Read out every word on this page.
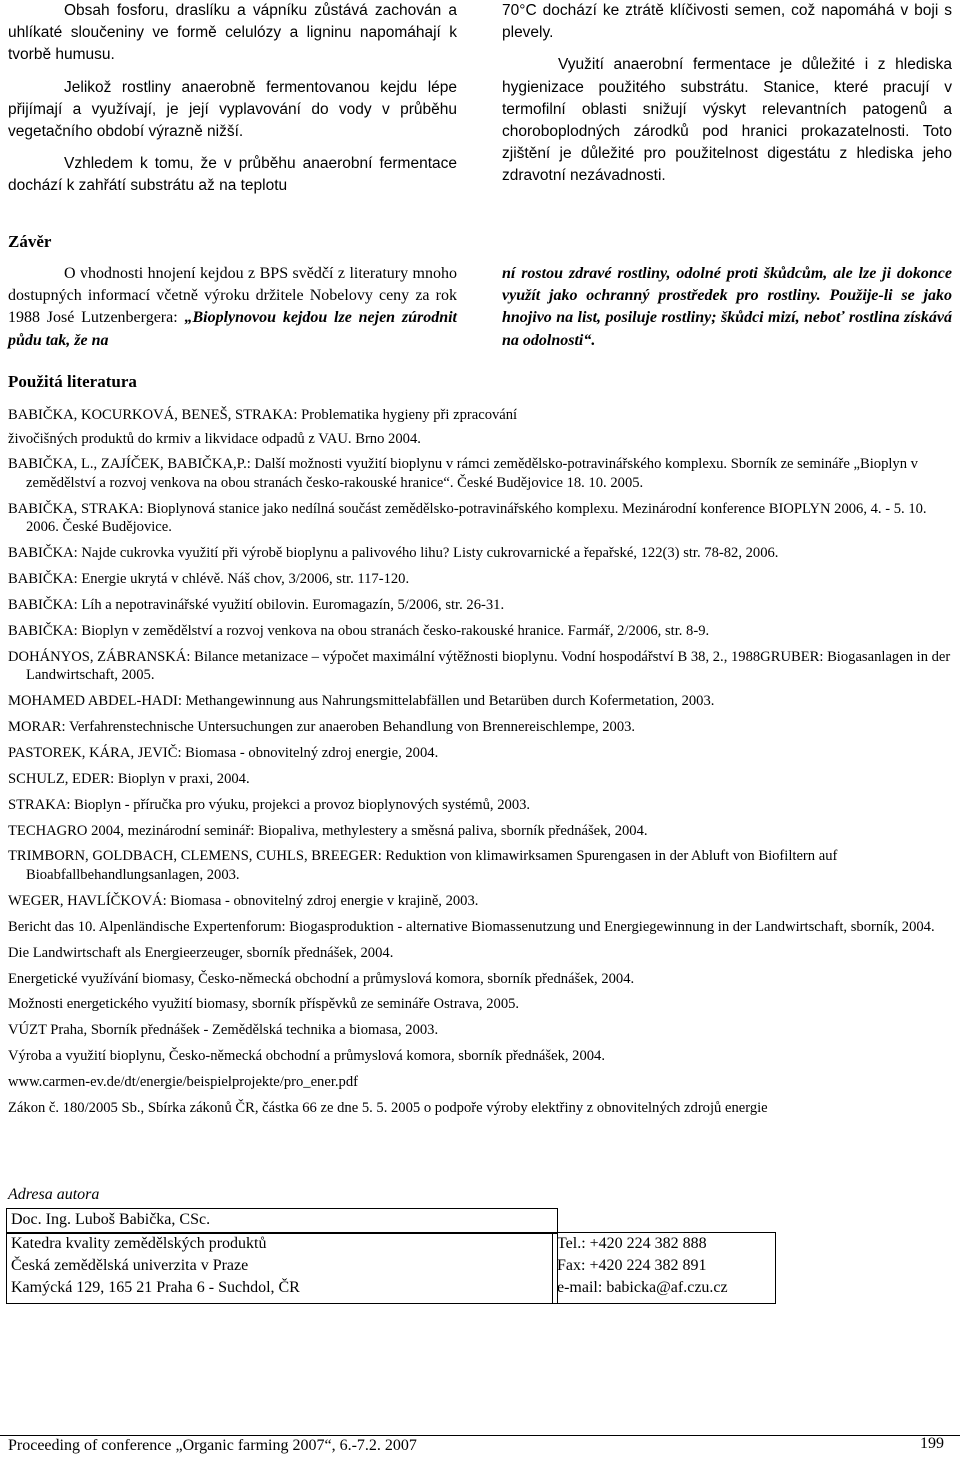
Obsah fosforu, draslíku a vápníku zůstává zachován a uhlíkaté sloučeniny ve formě celulózy a ligninu napomáhají k tvorbě humusu.

Jelikož rostliny anaerobně fermentovanou kejdu lépe přijímají a využívají, je její vyplavování do vody v průběhu vegetačního období výrazně nižší.

Vzhledem k tomu, že v průběhu anaerobní fermentace dochází k zahřátí substrátu až na teplotu

70°C dochází ke ztrátě klíčivosti semen, což napomáhá v boji s plevely.

Využití anaerobní fermentace je důležité i z hlediska hygienizace použitého substrátu. Stanice, které pracují v termofilní oblasti snižují výskyt relevantních patogenů a choroboplodných zárodků pod hranici prokazatelnosti. Toto zjištění je důležité pro použitelnost digestátu z hlediska jeho zdravotní nezávadnosti.

Závěr

O vhodnosti hnojení kejdou z BPS svědčí z literatury mnoho dostupných informací včetně výroku držitele Nobelovy ceny za rok 1988 José Lutzenbergera: „Bioplynovou kejdou lze nejen zúrodnit půdu tak, že na

ní rostou zdravé rostliny, odolné proti škůdcům, ale lze ji dokonce využít jako ochranný prostředek pro rostliny. Použije-li se jako hnojivo na list, posiluje rostliny; škůdci mizí, neboť rostlina získává na odolnosti“.

Použitá literatura

BABIČKA, KOCURKOVÁ, BENEŠ, STRAKA: Problematika hygieny při zpracování

živočišných produktů do krmiv a likvidace odpadů z VAU. Brno 2004.

BABIČKA, L., ZAJÍČEK, BABIČKA,P.: Další možnosti využití bioplynu v rámci zemědělsko-potravinářského komplexu. Sborník ze semináře „Bioplyn v zemědělství a rozvoj venkova na obou stranách česko-rakouské hranice“. České Budějovice 18. 10. 2005.

BABIČKA, STRAKA: Bioplynová stanice jako nedílná součást zemědělsko-potravinářského komplexu. Mezinárodní konference BIOPLYN 2006, 4. - 5. 10. 2006. České Budějovice.

BABIČKA: Najde cukrovka využití při výrobě bioplynu a palivového lihu? Listy cukrovarnické a řepařské, 122(3) str. 78-82, 2006.

BABIČKA: Energie ukrytá v chlévě. Náš chov, 3/2006, str. 117-120.

BABIČKA: Líh a nepotravinářské využití obilovin. Euromagazín, 5/2006, str. 26-31.

BABIČKA: Bioplyn v zemědělství a rozvoj venkova na obou stranách česko-rakouské hranice. Farmář, 2/2006, str. 8-9.

DOHÁNYOS, ZÁBRANSKÁ: Bilance metanizace – výpočet maximální výtěžnosti bioplynu. Vodní hospodářství B 38, 2., 1988GRUBER: Biogasanlagen in der Landwirtschaft, 2005.

MOHAMED ABDEL-HADI: Methangewinnung aus Nahrungsmittelabfällen und Betarüben durch Kofermetation, 2003.

MORAR: Verfahrenstechnische Untersuchungen zur anaeroben Behandlung von Brennereischlempe, 2003.

PASTOREK, KÁRA, JEVIČ: Biomasa - obnovitelný zdroj energie, 2004.

SCHULZ, EDER: Bioplyn v praxi, 2004.

STRAKA: Bioplyn - příručka pro výuku, projekci a provoz bioplynových systémů, 2003.

TECHAGRO 2004, mezinárodní seminář: Biopaliva, methylestery a směsná paliva, sborník přednášek, 2004.

TRIMBORN, GOLDBACH, CLEMENS, CUHLS, BREEGER: Reduktion von klimawirksamen Spurengasen in der Abluft von Biofiltern auf Bioabfallbehandlungsanlagen, 2003.

WEGER, HAVLÍČKOVÁ: Biomasa - obnovitelný zdroj energie v krajině, 2003.

Bericht das 10. Alpenländische Expertenforum: Biogasproduktion - alternative Biomassenutzung und Energiegewinnung in der Landwirtschaft, sborník, 2004.

Die Landwirtschaft als Energieerzeuger, sborník přednášek, 2004.

Energetické využívání biomasy, Česko-německá obchodní a průmyslová komora, sborník přednášek, 2004.

Možnosti energetického využití biomasy, sborník příspěvků ze semináře Ostrava, 2005.

VÚZT Praha, Sborník přednášek - Zemědělská technika a biomasa, 2003.

Výroba a využití bioplynu, Česko-německá obchodní a průmyslová komora, sborník přednášek, 2004.

www.carmen-ev.de/dt/energie/beispielprojekte/pro_ener.pdf

Zákon č. 180/2005 Sb., Sbírka zákonů ČR, částka 66 ze dne 5. 5. 2005 o podpoře výroby elektřiny z obnovitelných zdrojů energie

Adresa autora
Doc. Ing. Luboš Babička, CSc.
Katedra kvality zemědělských produktů
Česká zemědělská univerzita v Praze
Kamýcká 129, 165 21 Praha 6 - Suchdol, ČR
Tel.: +420 224 382 888
Fax: +420 224 382 891
e-mail: babicka@af.czu.cz
Proceeding of conference „Organic farming 2007“, 6.-7.2. 2007	199
